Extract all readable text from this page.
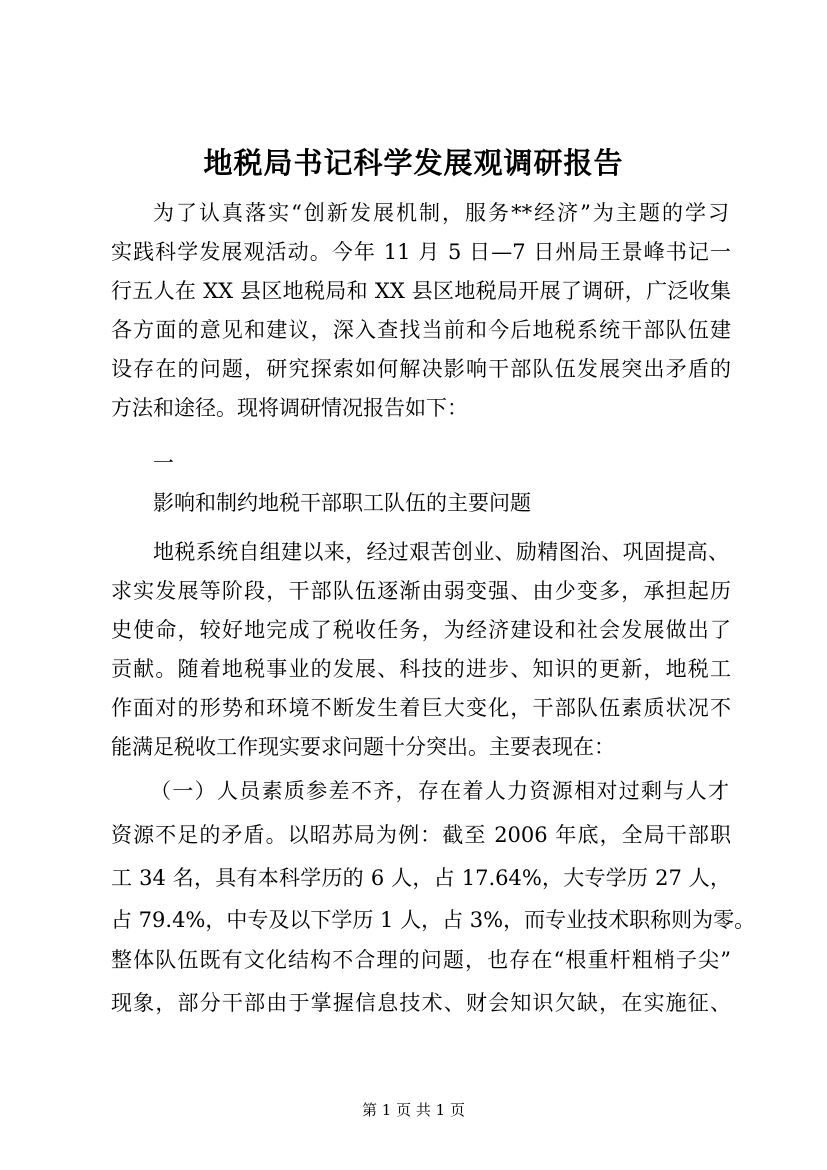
地税局书记科学发展观调研报告
为了认真落实“创新发展机制，服务**经济”为主题的学习
实践科学发展观活动。今年 11 月 5 日—7 日州局王景峰书记一
行五人在 XX 县区地税局和 XX 县区地税局开展了调研，广泛收集
各方面的意见和建议，深入查找当前和今后地税系统干部队伍建
设存在的问题，研究探索如何解决影响干部队伍发展突出矛盾的
方法和途径。现将调研情况报告如下：
一
影响和制约地税干部职工队伍的主要问题
地税系统自组建以来，经过艰苦创业、励精图治、巩固提高、
求实发展等阶段，干部队伍逐渐由弱变强、由少变多，承担起历
史使命，较好地完成了税收任务，为经济建设和社会发展做出了
贡献。随着地税事业的发展、科技的进步、知识的更新，地税工
作面对的形势和环境不断发生着巨大变化，干部队伍素质状况不
能满足税收工作现实要求问题十分突出。主要表现在：
（一）人员素质参差不齐，存在着人力资源相对过剩与人才
资源不足的矛盾。以昭苏局为例：截至 2006 年底，全局干部职
工 34 名，具有本科学历的 6 人，占 17.64%，大专学历 27 人，
占 79.4%，中专及以下学历 1 人，占 3%，而专业技术职称则为零。
整体队伍既有文化结构不合理的问题，也存在“根重杆粗梢子尖”
现象，部分干部由于掌握信息技术、财会知识欠缺，在实施征、
第 1 页 共 1 页
